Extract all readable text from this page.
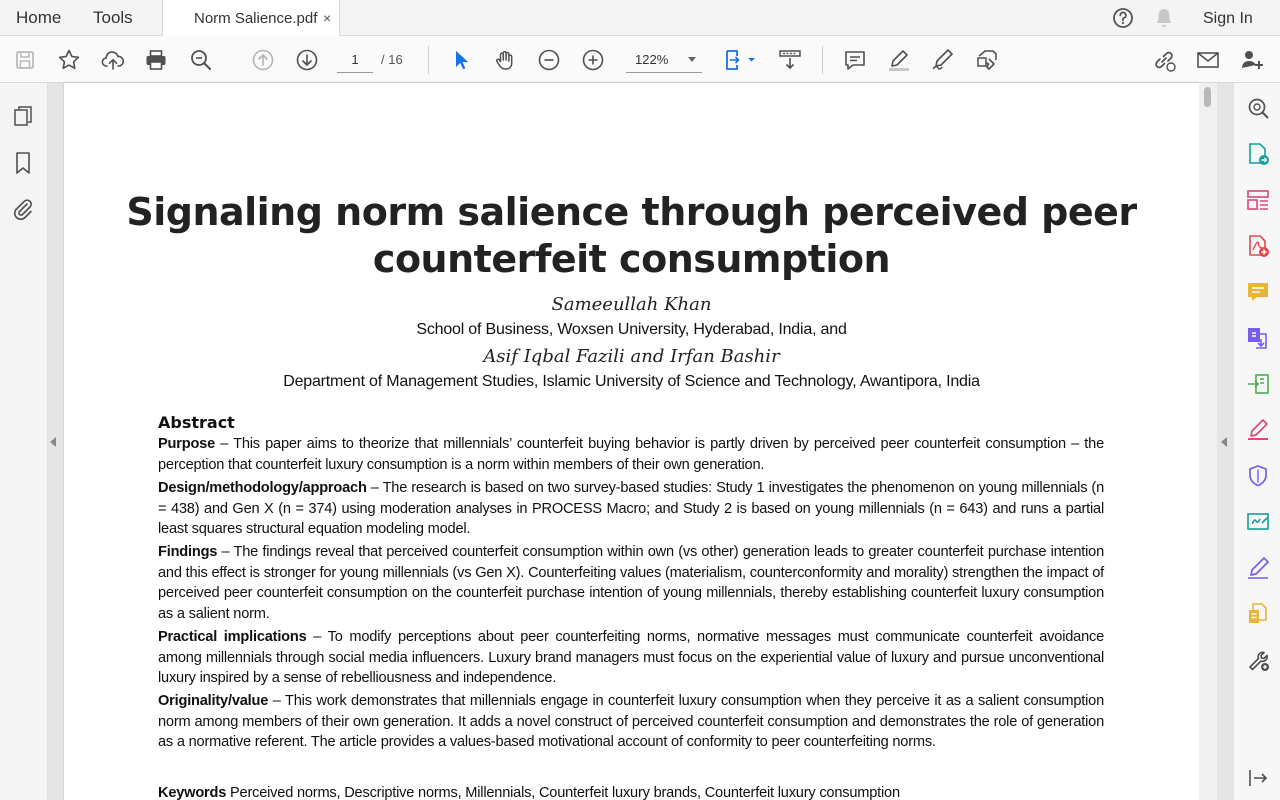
Home Tools	Norm Salience.pdf ×	Sign In
1	/ 16	122%
Signaling norm salience through perceived peer
counterfeit consumption
Sameeullah Khan
School of Business, Woxsen University, Hyderabad, India, and
Asif Iqbal Fazili and Irfan Bashir
Department of Management Studies, Islamic University of Science and Technology, Awantipora, India
Abstract
Purpose – This paper aims to theorize that millennials’ counterfeit buying behavior is partly driven by perceived peer counterfeit consumption – the perception that counterfeit luxury consumption is a norm within members of their own generation.
Design/methodology/approach – The research is based on two survey-based studies: Study 1 investigates the phenomenon on young millennials (n = 438) and Gen X (n = 374) using moderation analyses in PROCESS Macro; and Study 2 is based on young millennials (n = 643) and runs a partial least squares structural equation modeling model.
Findings – The findings reveal that perceived counterfeit consumption within own (vs other) generation leads to greater counterfeit purchase intention and this effect is stronger for young millennials (vs Gen X). Counterfeiting values (materialism, counterconformity and morality) strengthen the impact of perceived peer counterfeit consumption on the counterfeit purchase intention of young millennials, thereby establishing counterfeit luxury consumption as a salient norm.
Practical implications – To modify perceptions about peer counterfeiting norms, normative messages must communicate counterfeit avoidance among millennials through social media influencers. Luxury brand managers must focus on the experiential value of luxury and pursue unconventional luxury inspired by a sense of rebelliousness and independence.
Originality/value – This work demonstrates that millennials engage in counterfeit luxury consumption when they perceive it as a salient consumption norm among members of their own generation. It adds a novel construct of perceived counterfeit consumption and demonstrates the role of generation as a normative referent. The article provides a values-based motivational account of conformity to peer counterfeiting norms.
Keywords Perceived norms, Descriptive norms, Millennials, Counterfeit luxury brands, Counterfeit luxury consumption
